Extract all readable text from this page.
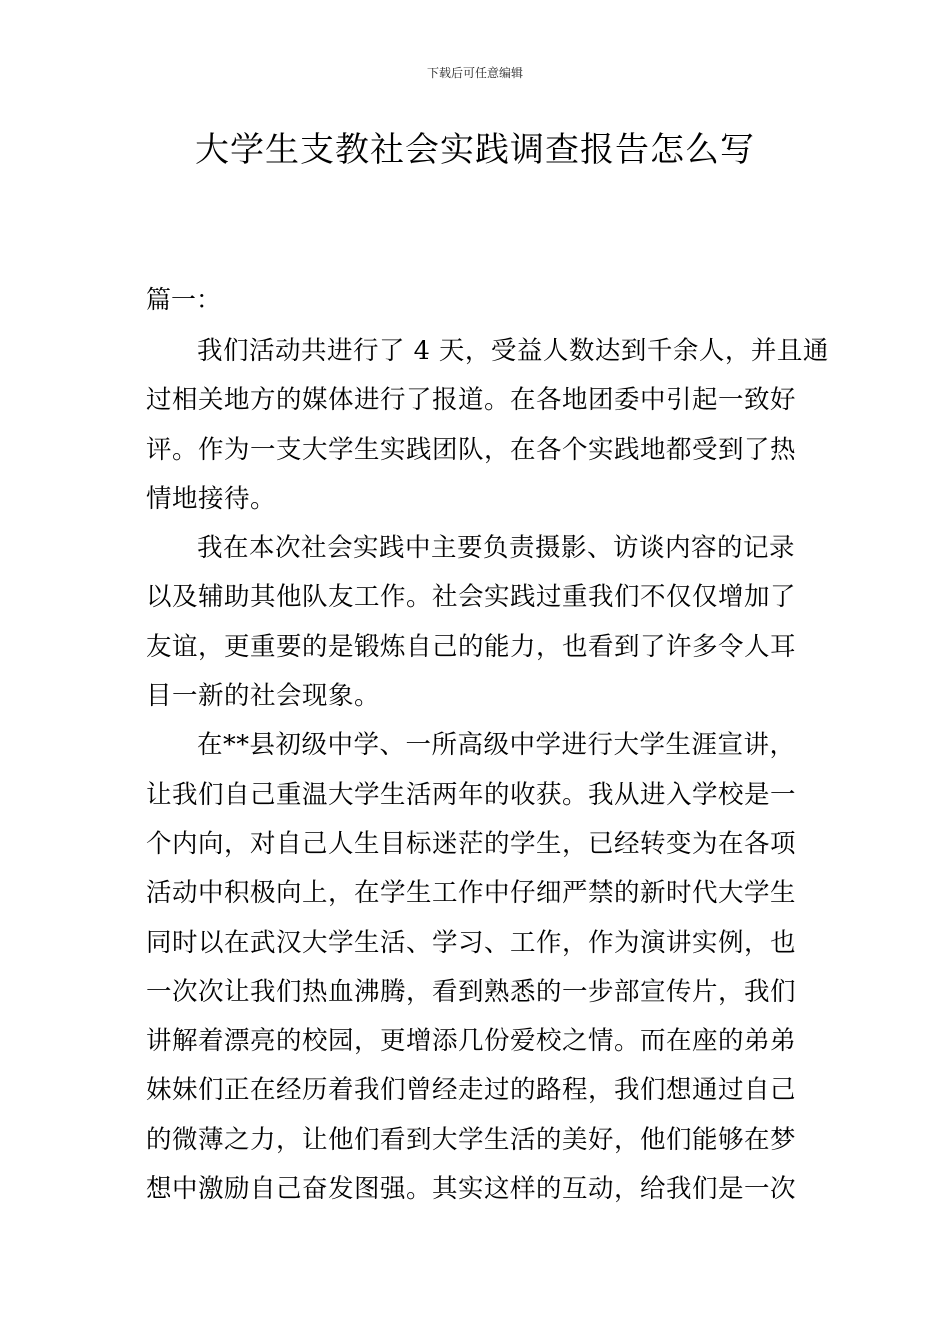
下载后可任意编辑
大学生支教社会实践调查报告怎么写
篇一：

我们活动共进行了 4 天，受益人数达到千余人，并且通
过相关地方的媒体进行了报道。在各地团委中引起一致好
评。作为一支大学生实践团队，在各个实践地都受到了热
情地接待。

我在本次社会实践中主要负责摄影、访谈内容的记录
以及辅助其他队友工作。社会实践过重我们不仅仅增加了
友谊，更重要的是锻炼自己的能力，也看到了许多令人耳
目一新的社会现象。

在**县初级中学、一所高级中学进行大学生涯宣讲，
让我们自己重温大学生活两年的收获。我从进入学校是一
个内向，对自己人生目标迷茫的学生，已经转变为在各项
活动中积极向上，在学生工作中仔细严禁的新时代大学生
同时以在武汉大学生活、学习、工作，作为演讲实例，也
一次次让我们热血沸腾，看到熟悉的一步部宣传片，我们
讲解着漂亮的校园，更增添几份爱校之情。而在座的弟弟
妹妹们正在经历着我们曾经走过的路程，我们想通过自己
的微薄之力，让他们看到大学生活的美好，他们能够在梦
想中激励自己奋发图强。其实这样的互动，给我们是一次
